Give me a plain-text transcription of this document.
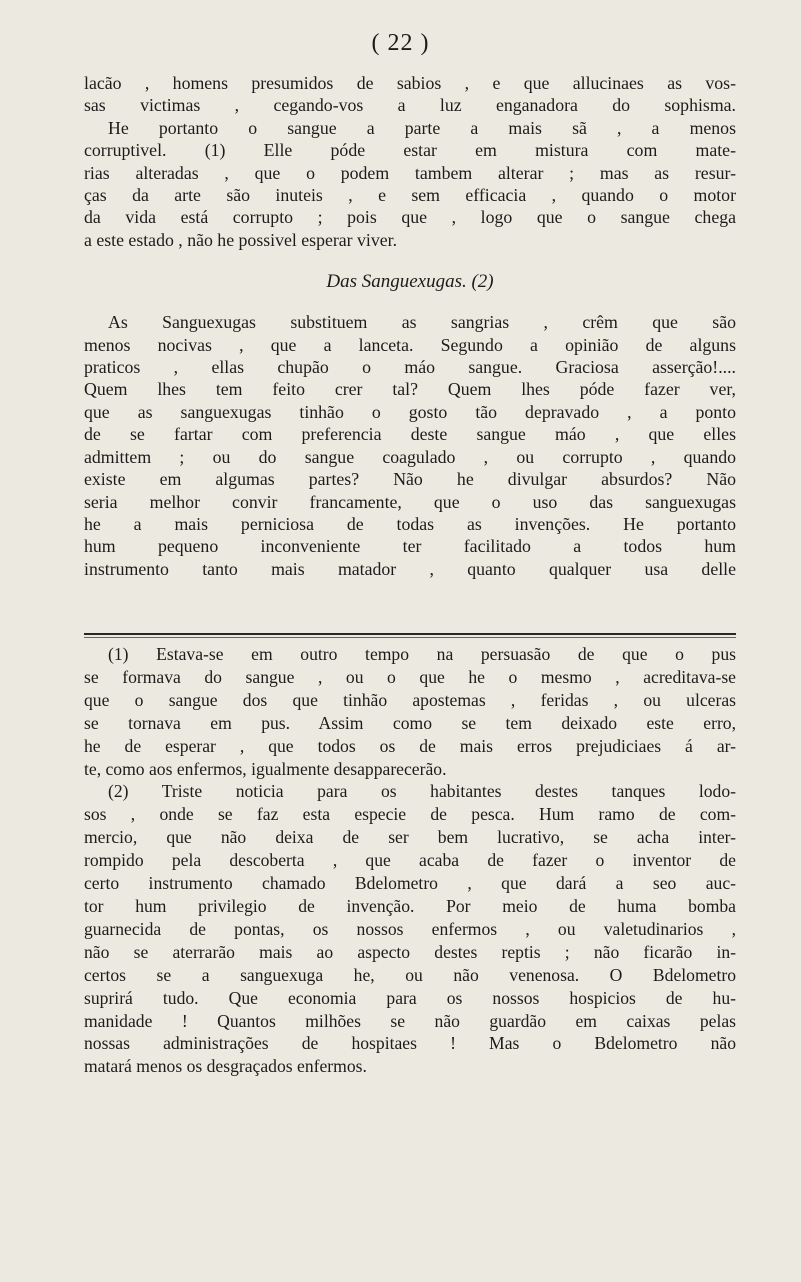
( 22 )
lacão , homens presumidos de sabios , e que allucinaes as vos-
sas victimas , cegando-vos a luz enganadora do sophisma.
He portanto o sangue a parte a mais sã , a menos
corruptivel. (1) Elle póde estar em mistura com mate-
rias alteradas , que o podem tambem alterar ; mas as resur-
ças da arte são inuteis , e sem efficacia , quando o motor
da vida está corrupto ; pois que , logo que o sangue chega
a este estado , não he possivel esperar viver.
Das Sanguexugas. (2)
As Sanguexugas substituem as sangrias , crêm que são
menos nocivas , que a lanceta. Segundo a opinião de alguns
praticos , ellas chupão o máo sangue. Graciosa asserção!....
Quem lhes tem feito crer tal? Quem lhes póde fazer ver,
que as sanguexugas tinhão o gosto tão depravado , a ponto
de se fartar com preferencia deste sangue máo , que elles
admittem ; ou do sangue coagulado , ou corrupto , quando
existe em algumas partes? Não he divulgar absurdos? Não
seria melhor convir francamente, que o uso das sanguexugas
he a mais perniciosa de todas as invenções. He portanto
hum pequeno inconveniente ter facilitado a todos hum
instrumento tanto mais matador , quanto qualquer usa delle
(1) Estava-se em outro tempo na persuasão de que o pus
se formava do sangue , ou o que he o mesmo , acreditava-se
que o sangue dos que tinhão apostemas , feridas , ou ulceras
se tornava em pus. Assim como se tem deixado este erro,
he de esperar , que todos os de mais erros prejudiciaes á ar-
te, como aos enfermos, igualmente desapparecerão.
(2) Triste noticia para os habitantes destes tanques lodo-
sos , onde se faz esta especie de pesca. Hum ramo de com-
mercio, que não deixa de ser bem lucrativo, se acha inter-
rompido pela descoberta , que acaba de fazer o inventor de
certo instrumento chamado Bdelometro , que dará a seo auc-
tor hum privilegio de invenção. Por meio de huma bomba
guarnecida de pontas, os nossos enfermos , ou valetudinarios ,
não se aterrarão mais ao aspecto destes reptis ; não ficarão in-
certos se a sanguexuga he, ou não venenosa. O Bdelometro
suprirá tudo. Que economia para os nossos hospicios de hu-
manidade ! Quantos milhões se não guardão em caixas pelas
nossas administrações de hospitaes ! Mas o Bdelometro não
matará menos os desgraçados enfermos.
